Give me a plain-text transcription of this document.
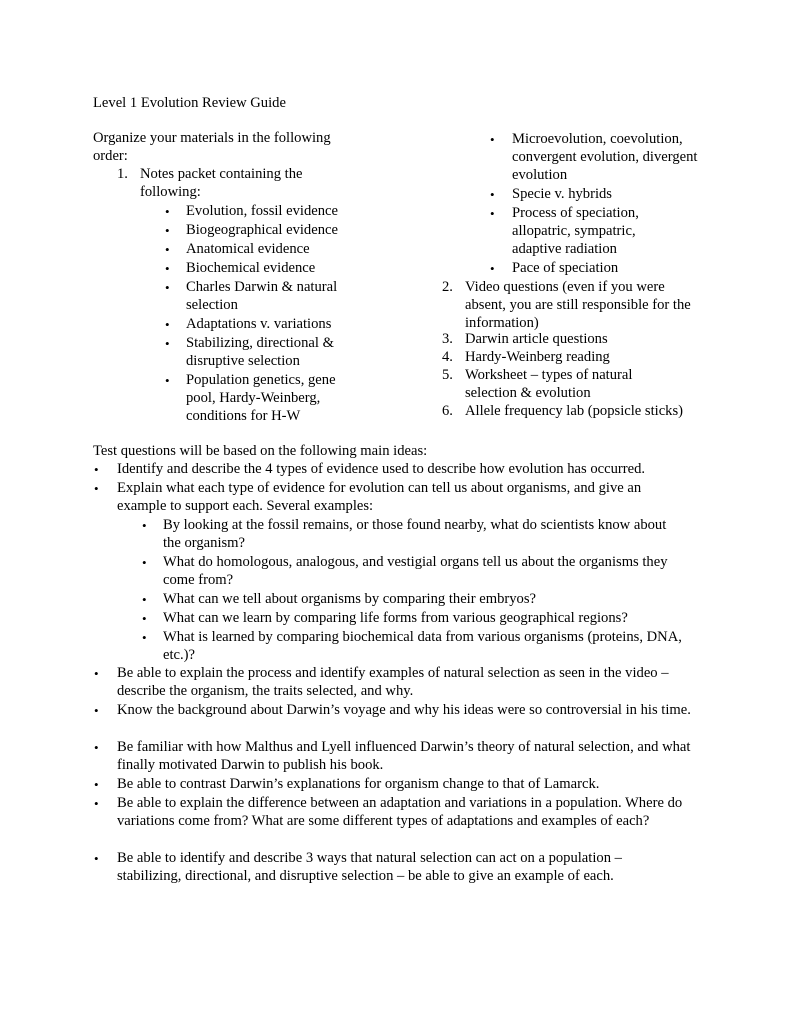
Level 1 Evolution Review Guide
Organize your materials in the following order:
1. Notes packet containing the following:
• Evolution, fossil evidence
• Biogeographical evidence
• Anatomical evidence
• Biochemical evidence
• Charles Darwin & natural selection
• Adaptations v. variations
• Stabilizing, directional & disruptive selection
• Population genetics, gene pool, Hardy-Weinberg, conditions for H-W
• Microevolution, coevolution, convergent evolution, divergent evolution
• Specie v. hybrids
• Process of speciation, allopatric, sympatric, adaptive radiation
• Pace of speciation
2. Video questions (even if you were absent, you are still responsible for the information)
3. Darwin article questions
4. Hardy-Weinberg reading
5. Worksheet – types of natural selection & evolution
6. Allele frequency lab (popsicle sticks)
Test questions will be based on the following main ideas:
• Identify and describe the 4 types of evidence used to describe how evolution has occurred.
• Explain what each type of evidence for evolution can tell us about organisms, and give an example to support each. Several examples:
• By looking at the fossil remains, or those found nearby, what do scientists know about the organism?
• What do homologous, analogous, and vestigial organs tell us about the organisms they come from?
• What can we tell about organisms by comparing their embryos?
• What can we learn by comparing life forms from various geographical regions?
• What is learned by comparing biochemical data from various organisms (proteins, DNA, etc.)?
• Be able to explain the process and identify examples of natural selection as seen in the video – describe the organism, the traits selected, and why.
• Know the background about Darwin’s voyage and why his ideas were so controversial in his time.
• Be familiar with how Malthus and Lyell influenced Darwin’s theory of natural selection, and what finally motivated Darwin to publish his book.
• Be able to contrast Darwin’s explanations for organism change to that of Lamarck.
• Be able to explain the difference between an adaptation and variations in a population. Where do variations come from? What are some different types of adaptations and examples of each?
• Be able to identify and describe 3 ways that natural selection can act on a population – stabilizing, directional, and disruptive selection – be able to give an example of each.
